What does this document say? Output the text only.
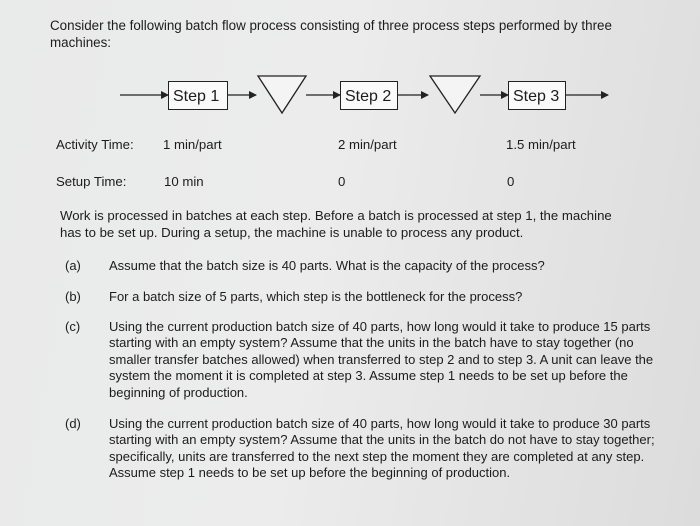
Consider the following batch flow process consisting of three process steps performed by three machines:
Step 1	Step 2	Step 3
Activity Time: 1 min/part	2 min/part	1.5 min/part
Setup Time:	10 min	0	0
Work is processed in batches at each step. Before a batch is processed at step 1, the machine has to be set up. During a setup, the machine is unable to process any product.
(a) Assume that the batch size is 40 parts. What is the capacity of the process?
(b) For a batch size of 5 parts, which step is the bottleneck for the process?
(c) Using the current production batch size of 40 parts, how long would it take to produce 15 parts starting with an empty system? Assume that the units in the batch have to stay together (no smaller transfer batches allowed) when transferred to step 2 and to step 3. A unit can leave the system the moment it is completed at step 3. Assume step 1 needs to be set up before the beginning of production.
(d) Using the current production batch size of 40 parts, how long would it take to produce 30 parts starting with an empty system? Assume that the units in the batch do not have to stay together; specifically, units are transferred to the next step the moment they are completed at any step. Assume step 1 needs to be set up before the beginning of production.
